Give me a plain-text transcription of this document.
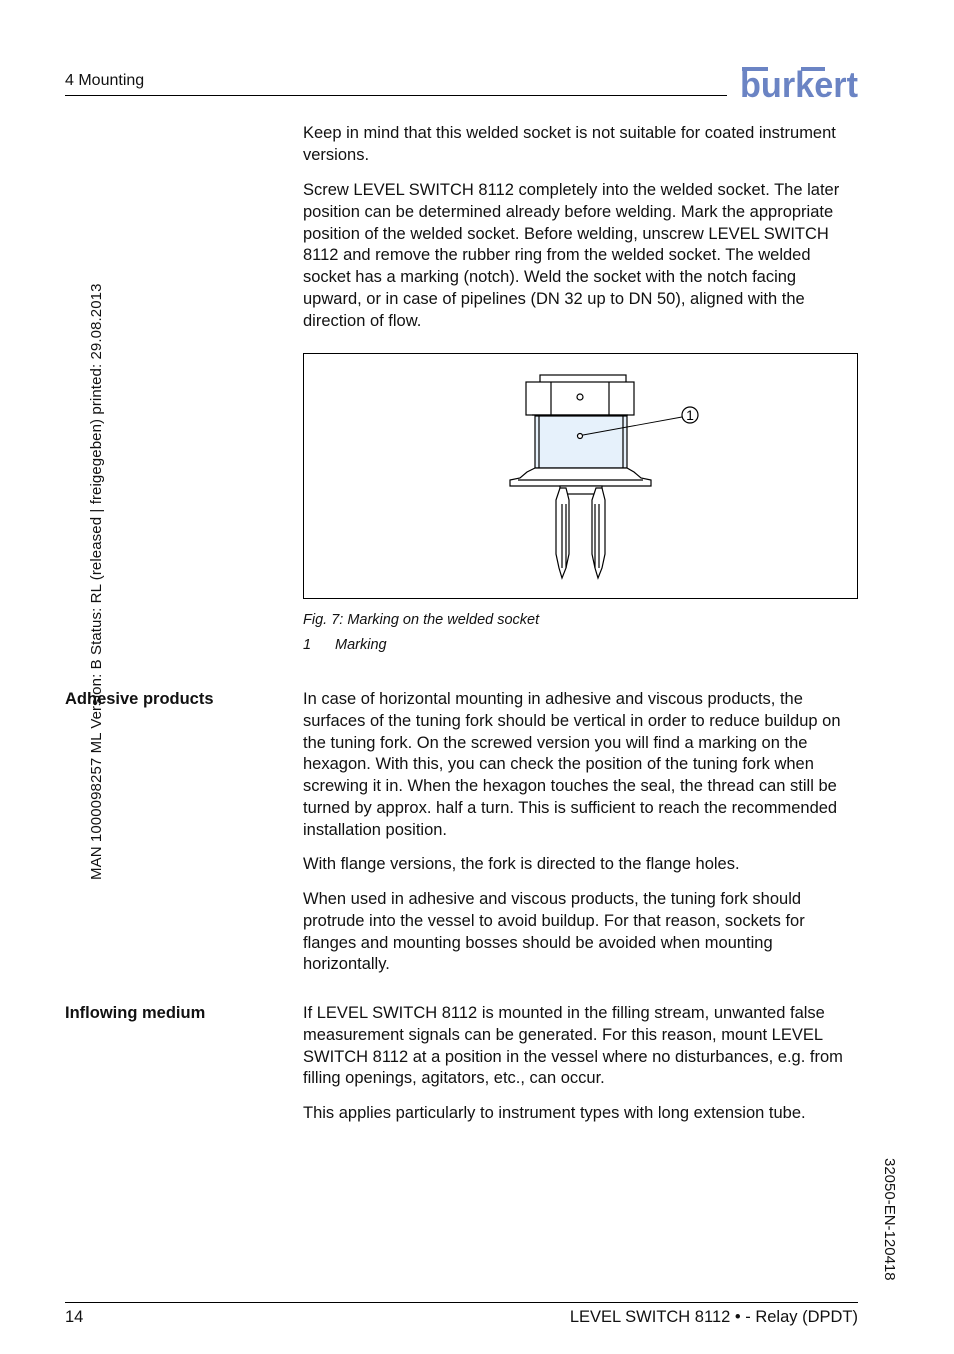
4 Mounting	burkert
MAN 1000098257 ML Version: B Status: RL (released | freigegeben) printed: 29.08.2013
32050-EN-120418
Keep in mind that this welded socket is not suitable for coated instrument versions.
Screw LEVEL SWITCH 8112 completely into the welded socket. The later position can be determined already before welding. Mark the appropriate position of the welded socket. Before welding, unscrew LEVEL SWITCH 8112 and remove the rubber ring from the welded socket. The welded socket has a marking (notch). Weld the socket with the notch facing upward, or in case of pipelines (DN 32 up to DN 50), aligned with the direction of flow.
1
Fig. 7: Marking on the welded socket
1 Marking
Adhesive products	In case of horizontal mounting in adhesive and viscous products, the surfaces of the tuning fork should be vertical in order to reduce buildup on the tuning fork. On the screwed version you will find a marking on the hexagon. With this, you can check the position of the tuning fork when screwing it in. When the hexagon touches the seal, the thread can still be turned by approx. half a turn. This is sufficient to reach the recommended installation position.
With flange versions, the fork is directed to the flange holes.
When used in adhesive and viscous products, the tuning fork should protrude into the vessel to avoid buildup. For that reason, sockets for flanges and mounting bosses should be avoided when mounting horizontally.
Inflowing medium	If LEVEL SWITCH 8112 is mounted in the filling stream, unwanted false measurement signals can be generated. For this reason, mount LEVEL SWITCH 8112 at a position in the vessel where no disturbances, e.g. from filling openings, agitators, etc., can occur.
This applies particularly to instrument types with long extension tube.
14	LEVEL SWITCH 8112 • - Relay (DPDT)
